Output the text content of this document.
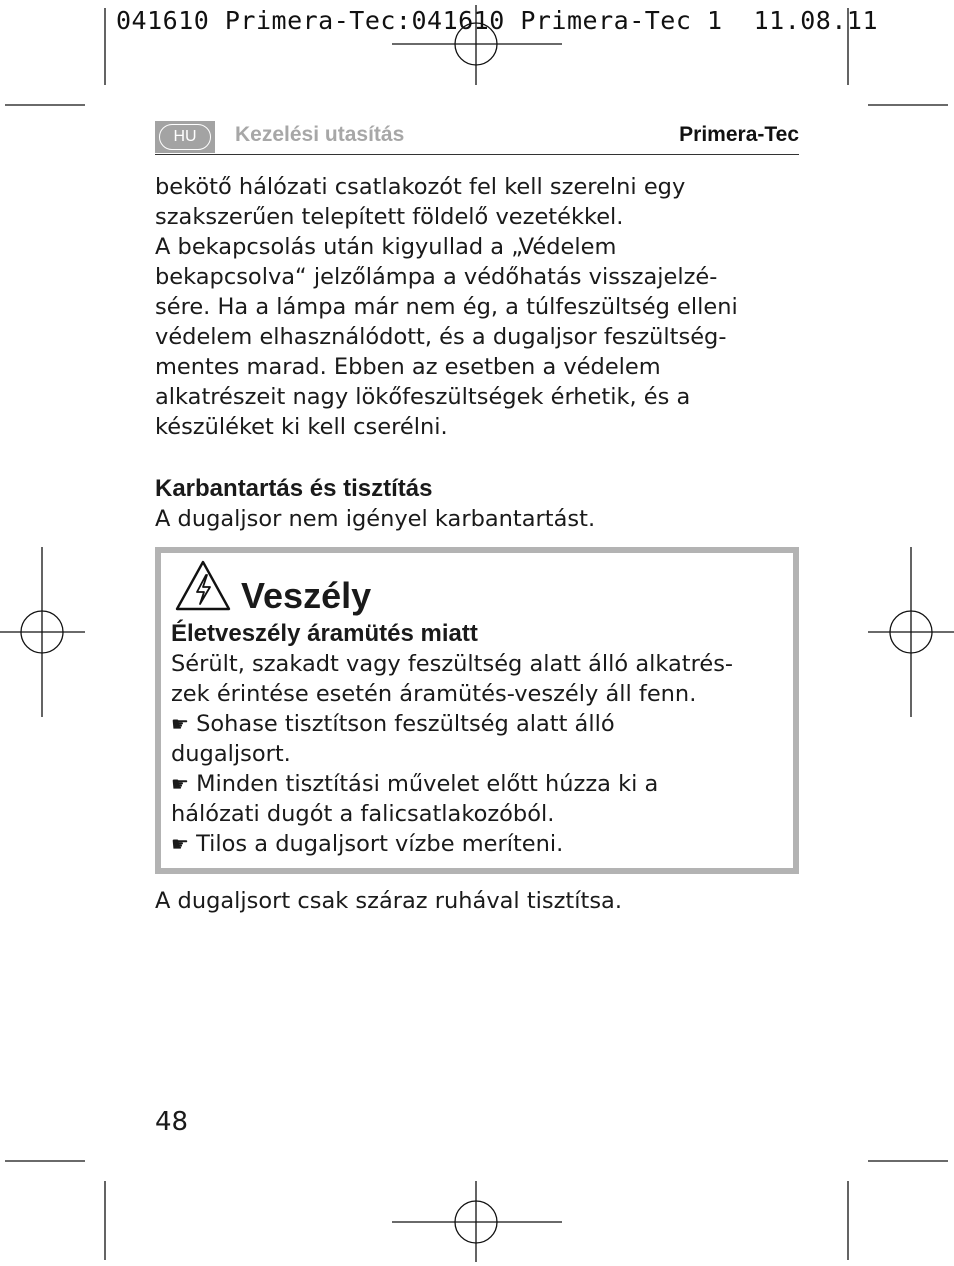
041610 Primera-Tec:041610 Primera-Tec 1  11.08.11
HU	Kezelési utasítás	Primera-Tec

bekötő hálózati csatlakozót fel kell szerelni egy

szakszerűen telepített földelő vezetékkel.

A bekapcsolás után kigyullad a „Védelem

bekapcsolva“ jelzőlámpa a védőhatás visszajelzé-

sére. Ha a lámpa már nem ég, a túlfeszültség elleni

védelem elhasználódott, és a dugaljsor feszültség-

mentes marad. Ebben az esetben a védelem

alkatrészeit nagy lökőfeszültségek érhetik, és a

készüléket ki kell cserélni.

Karbantartás és tisztítás
A dugaljsor nem igényel karbantartást.
Veszély
Életveszély áramütés miatt

Sérült, szakadt vagy feszültség alatt álló alkatrés-

zek érintése esetén áramütés-veszély áll fenn.

☛ Sohase tisztítson feszültség alatt álló

dugaljsort.

☛ Minden tisztítási művelet előtt húzza ki a

hálózati dugót a falicsatlakozóból.

☛ Tilos a dugaljsort vízbe meríteni.

A dugaljsort csak száraz ruhával tisztítsa.
48
